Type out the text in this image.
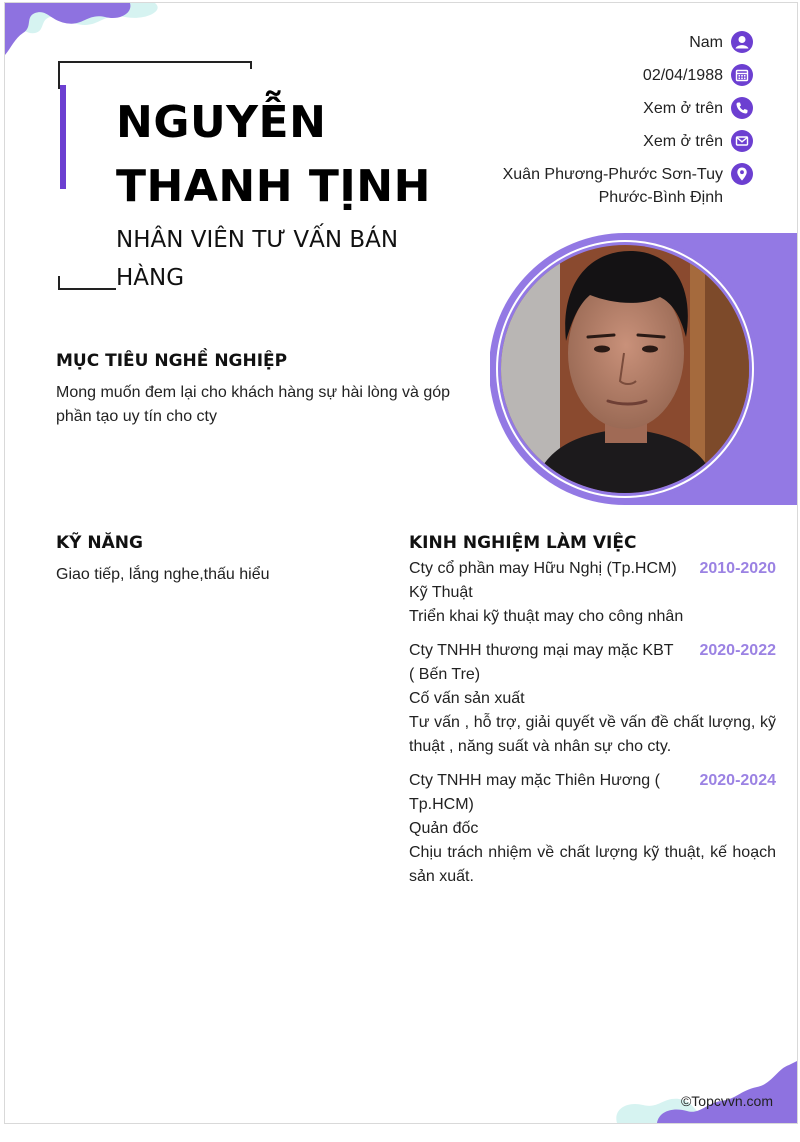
NGUYỄN THANH TỊNH
NHÂN VIÊN TƯ VẤN BÁN HÀNG
Nam
02/04/1988
Xem ở trên
Xem ở trên
Xuân Phương-Phước Sơn-Tuy Phước-Bình Định
MỤC TIÊU NGHỀ NGHIỆP
Mong muốn đem lại cho khách hàng sự hài lòng và góp phần tạo uy tín cho cty
KỸ NĂNG
Giao tiếp, lắng nghe,thấu hiểu
KINH NGHIỆM LÀM VIỆC
Cty cổ phần may Hữu Nghị (Tp.HCM) 2010-2020
Kỹ Thuật
Triển khai kỹ thuật may cho công nhân
Cty TNHH thương mại may mặc KBT ( Bến Tre)
2020-2022
Cố vấn sản xuất
Tư vấn , hỗ trợ, giải quyết về vấn đề chất lượng, kỹ thuật , năng suất và nhân sự cho cty.
Cty TNHH may mặc Thiên Hương ( Tp.HCM)
2020-2024
Quản đốc
Chịu trách nhiệm về chất lượng kỹ thuật, kế hoạch sản xuất.
©Topcvvn.com
